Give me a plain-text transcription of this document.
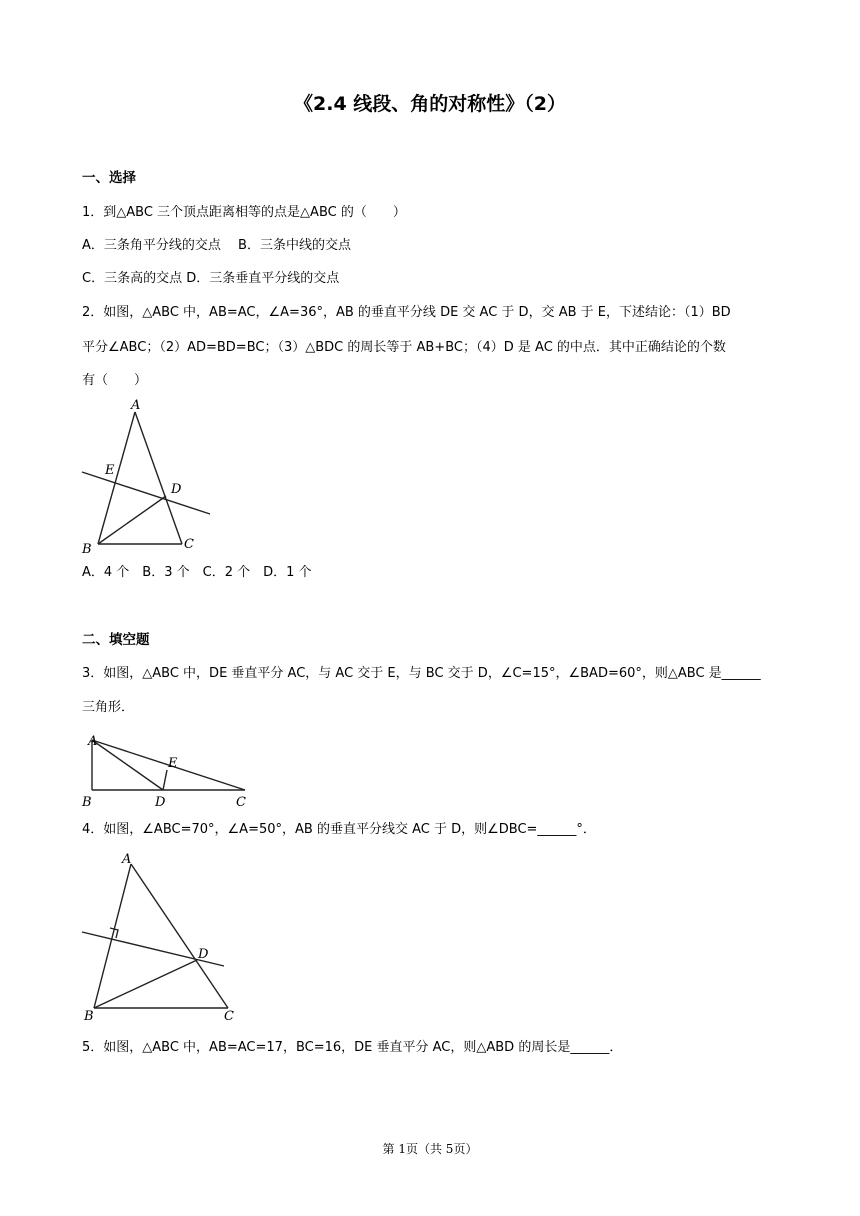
《2.4 线段、角的对称性》（2）
一、选择
1．到△ABC 三个顶点距离相等的点是△ABC 的（　　）
A．三条角平分线的交点　 B．三条中线的交点
C．三条高的交点 D．三条垂直平分线的交点
2．如图，△ABC 中，AB=AC，∠A=36°，AB 的垂直平分线 DE 交 AC 于 D，交 AB 于 E，下述结论：（1）BD
平分∠ABC；（2）AD=BD=BC；（3）△BDC 的周长等于 AB+BC；（4）D 是 AC 的中点．其中正确结论的个数
有（　　）
A
E
D
B	C
A．4 个　B．3 个　C．2 个　D．1 个
二、填空题
3．如图，△ABC 中，DE 垂直平分 AC，与 AC 交于 E，与 BC 交于 D，∠C=15°，∠BAD=60°，则△ABC 是______
三角形．
A
E
B	D	C
4．如图，∠ABC=70°，∠A=50°，AB 的垂直平分线交 AC 于 D，则∠DBC=______°．
A
D
B	C
5．如图，△ABC 中，AB=AC=17，BC=16，DE 垂直平分 AC，则△ABD 的周长是______．
第 1页（共 5页）
